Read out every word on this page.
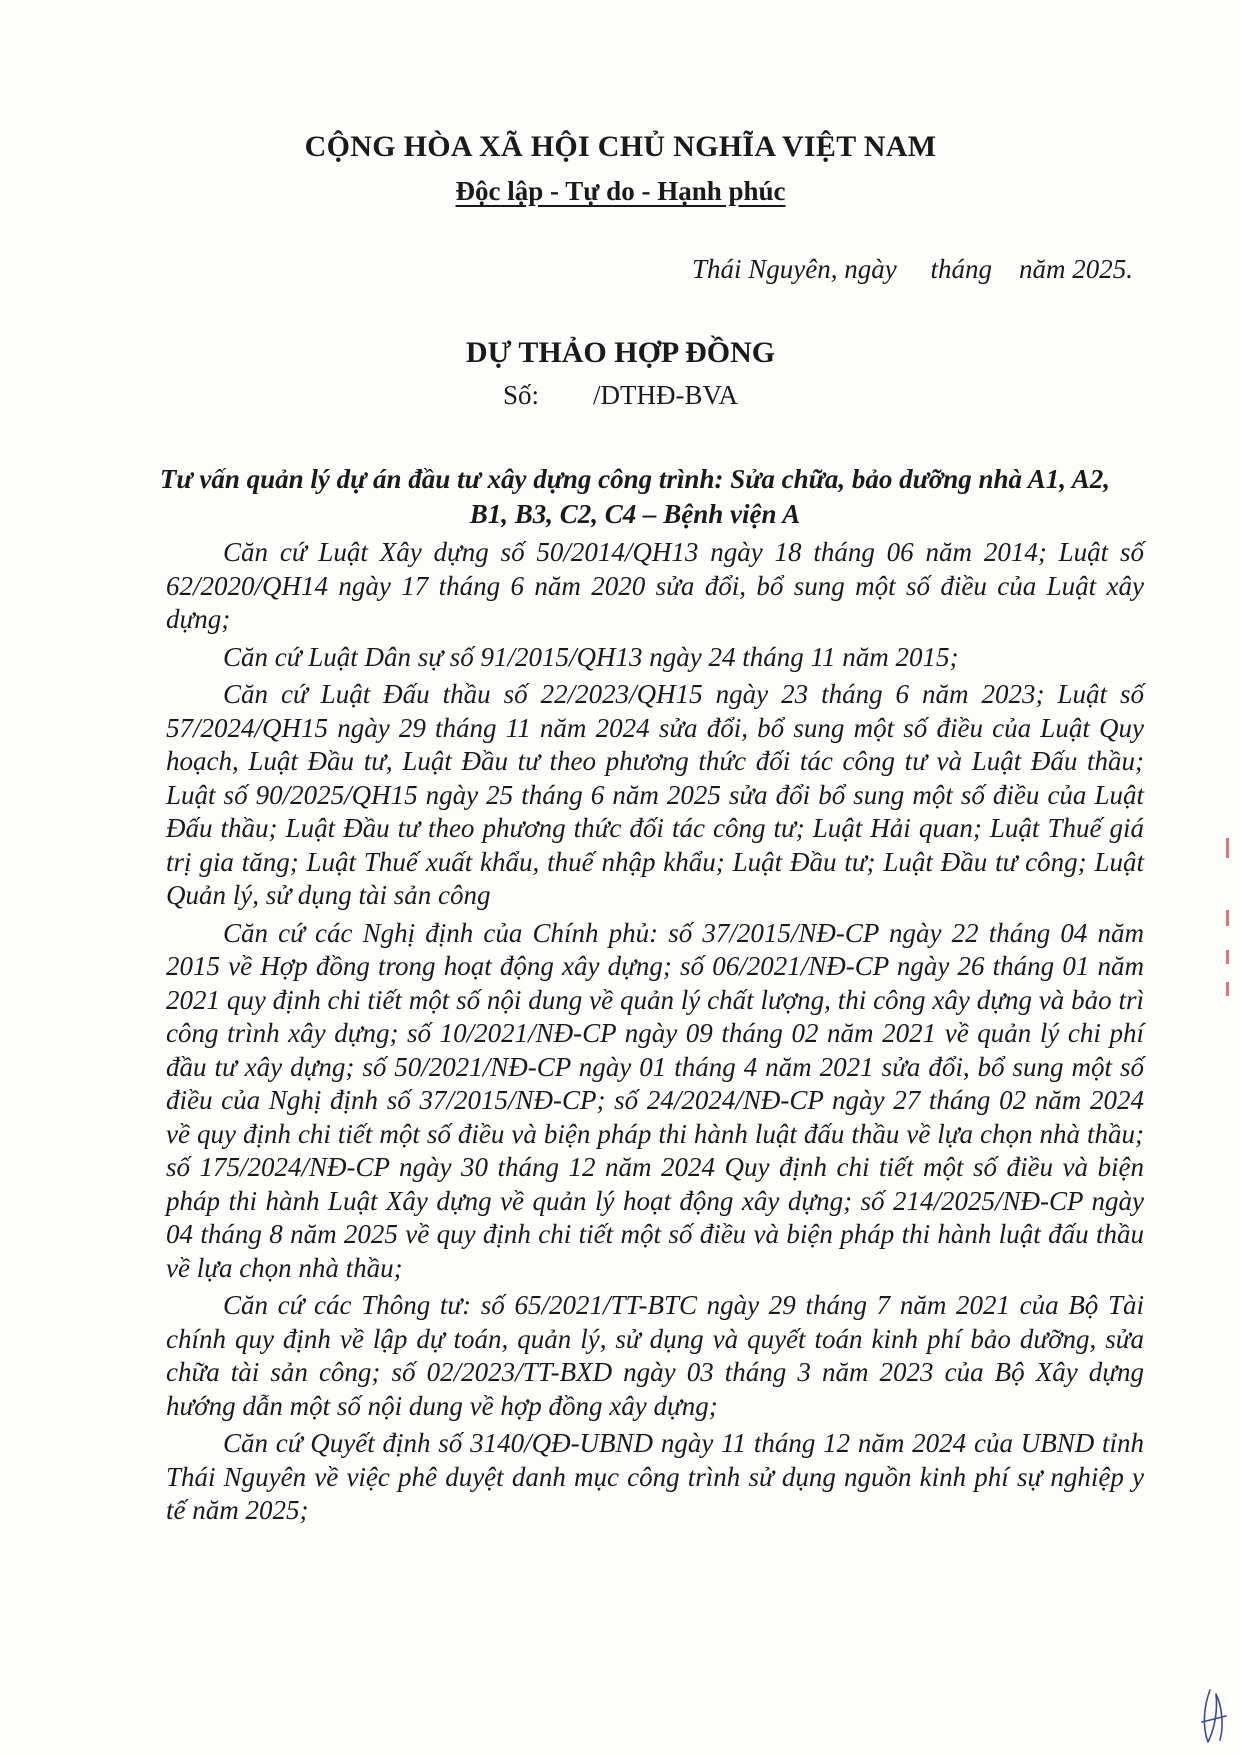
CỘNG HÒA XÃ HỘI CHỦ NGHĨA VIỆT NAM
Độc lập - Tự do - Hạnh phúc
Thái Nguyên, ngày     tháng    năm 2025.
DỰ THẢO HỢP ĐỒNG
Số:        /DTHĐ-BVA
Tư vấn quản lý dự án đầu tư xây dựng công trình: Sửa chữa, bảo dưỡng nhà A1, A2, B1, B3, C2, C4 – Bệnh viện A

Căn cứ Luật Xây dựng số 50/2014/QH13 ngày 18 tháng 06 năm 2014; Luật số 62/2020/QH14 ngày 17 tháng 6 năm 2020 sửa đổi, bổ sung một số điều của Luật xây dựng;

Căn cứ Luật Dân sự số 91/2015/QH13 ngày 24 tháng 11 năm 2015;

Căn cứ Luật Đấu thầu số 22/2023/QH15 ngày 23 tháng 6 năm 2023; Luật số 57/2024/QH15 ngày 29 tháng 11 năm 2024 sửa đổi, bổ sung một số điều của Luật Quy hoạch, Luật Đầu tư, Luật Đầu tư theo phương thức đối tác công tư và Luật Đấu thầu; Luật số 90/2025/QH15 ngày 25 tháng 6 năm 2025 sửa đổi bổ sung một số điều của Luật Đấu thầu; Luật Đầu tư theo phương thức đối tác công tư; Luật Hải quan; Luật Thuế giá trị gia tăng; Luật Thuế xuất khẩu, thuế nhập khẩu; Luật Đầu tư; Luật Đầu tư công; Luật Quản lý, sử dụng tài sản công

Căn cứ các Nghị định của Chính phủ: số 37/2015/NĐ-CP ngày 22 tháng 04 năm 2015 về Hợp đồng trong hoạt động xây dựng; số 06/2021/NĐ-CP ngày 26 tháng 01 năm 2021 quy định chi tiết một số nội dung về quản lý chất lượng, thi công xây dựng và bảo trì công trình xây dựng; số 10/2021/NĐ-CP ngày 09 tháng 02 năm 2021 về quản lý chi phí đầu tư xây dựng; số 50/2021/NĐ-CP ngày 01 tháng 4 năm 2021 sửa đổi, bổ sung một số điều của Nghị định số 37/2015/NĐ-CP; số 24/2024/NĐ-CP ngày 27 tháng 02 năm 2024 về quy định chi tiết một số điều và biện pháp thi hành luật đấu thầu về lựa chọn nhà thầu; số 175/2024/NĐ-CP ngày 30 tháng 12 năm 2024 Quy định chi tiết một số điều và biện pháp thi hành Luật Xây dựng về quản lý hoạt động xây dựng; số 214/2025/NĐ-CP ngày 04 tháng 8 năm 2025 về quy định chi tiết một số điều và biện pháp thi hành luật đấu thầu về lựa chọn nhà thầu;

Căn cứ các Thông tư: số 65/2021/TT-BTC ngày 29 tháng 7 năm 2021 của Bộ Tài chính quy định về lập dự toán, quản lý, sử dụng và quyết toán kinh phí bảo dưỡng, sửa chữa tài sản công; số 02/2023/TT-BXD ngày 03 tháng 3 năm 2023 của Bộ Xây dựng hướng dẫn một số nội dung về hợp đồng xây dựng;

Căn cứ Quyết định số 3140/QĐ-UBND ngày 11 tháng 12 năm 2024 của UBND tỉnh Thái Nguyên về việc phê duyệt danh mục công trình sử dụng nguồn kinh phí sự nghiệp y tế năm 2025;
